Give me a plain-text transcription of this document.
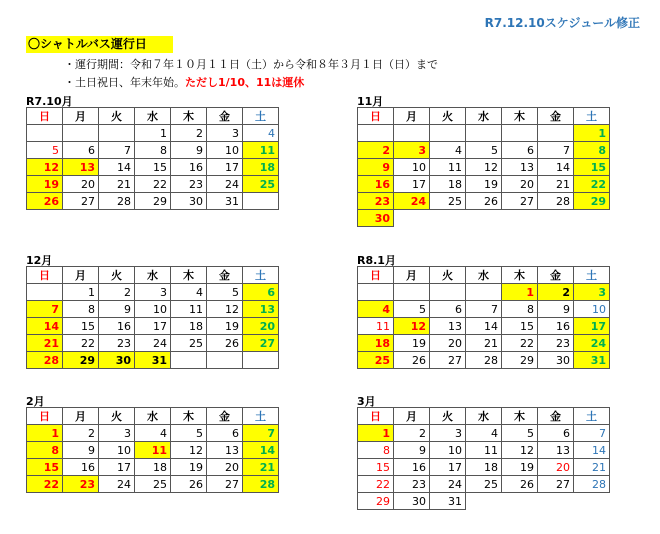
R7.12.10スケジュール修正
〇シャトルバス運行日
・運行期間：令和７年１０月１１日（土）から令和８年３月１日（日）まで
・土日祝日、年末年始。ただし1/10、11は運休
R7.10月
日	月	火	水	木	金	土
			1	2	3	4
5	6	7	8	9	10	11
12	13	14	15	16	17	18
19	20	21	22	23	24	25
26	27	28	29	30	31	
11月
日	月	火	水	木	金	土
						1
2	3	4	5	6	7	8
9	10	11	12	13	14	15
16	17	18	19	20	21	22
23	24	25	26	27	28	29
30						
12月
日	月	火	水	木	金	土
	1	2	3	4	5	6
7	8	9	10	11	12	13
14	15	16	17	18	19	20
21	22	23	24	25	26	27
28	29	30	31			
R8.1月
日	月	火	水	木	金	土
				1	2	3
4	5	6	7	8	9	10
11	12	13	14	15	16	17
18	19	20	21	22	23	24
25	26	27	28	29	30	31
2月
日	月	火	水	木	金	土
1	2	3	4	5	6	7
8	9	10	11	12	13	14
15	16	17	18	19	20	21
22	23	24	25	26	27	28
3月
日	月	火	水	木	金	土
1	2	3	4	5	6	7
8	9	10	11	12	13	14
15	16	17	18	19	20	21
22	23	24	25	26	27	28
29	30	31				
